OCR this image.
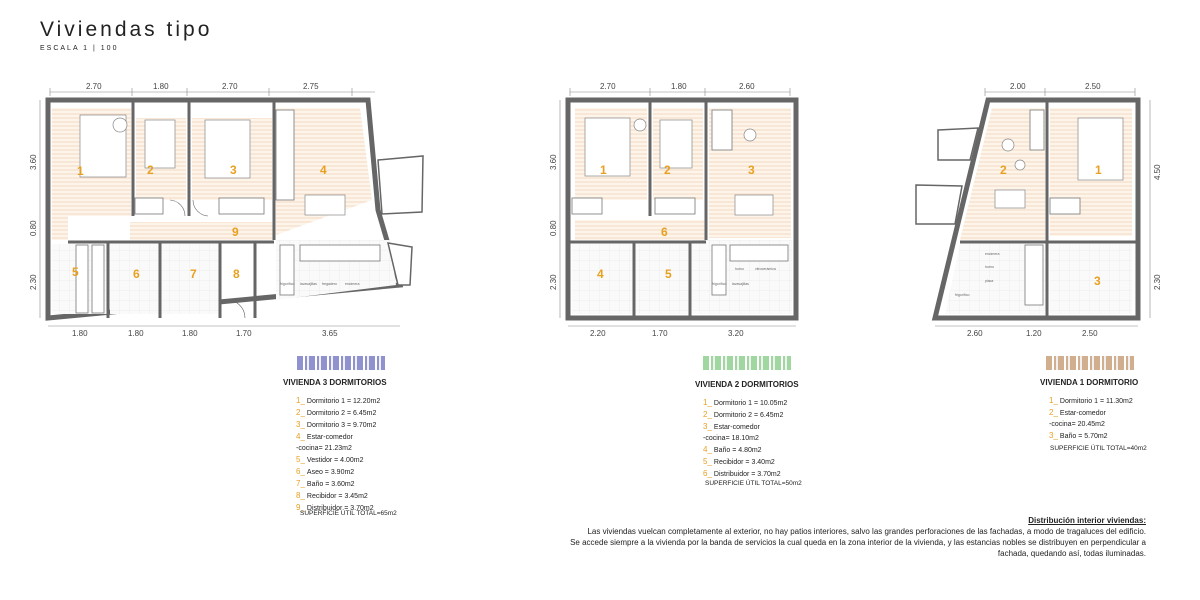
Viviendas tipo
ESCALA 1 | 100
2.70	1.80	2.70	2.75
3.60
0.80
2.30
1	2	3	4
5	6	7	8
9
1.80	1.80	1.80	1.70	3.65
frigorífico lavavajillas fregadero encimera
2.70	1.80	2.60
3.60
0.80
2.30
1	2	3
4	5
6
2.20	1.70	3.20
frigorífico lavavajillas
horno	vitrocerámica
2.00	2.50
4.50
2.30
1
2
3
2.60	1.20	2.50
encimera
horno
placa
frigorífico
VIVIENDA 3 DORMITORIOS
1_ Dormitorio 1 = 12.20m2
2_ Dormitorio 2 = 6.45m2
3_ Dormitorio 3 = 9.70m2
4_ Estar-comedor
-cocina= 21.23m2
5_ Vestidor = 4.00m2
6_ Aseo = 3.90m2
7_ Baño = 3.60m2
8_ Recibidor = 3.45m2
9_ Distribuidor = 3.70m2
SUPERFICIE ÚTIL TOTAL=65m2
VIVIENDA 2 DORMITORIOS
1_ Dormitorio 1 = 10.05m2
2_ Dormitorio 2 = 6.45m2
3_ Estar-comedor
-cocina= 18.10m2
4_ Baño = 4.80m2
5_ Recibidor = 3.40m2
6_ Distribuidor = 3.70m2
SUPERFICIE ÚTIL TOTAL=50m2
VIVIENDA 1 DORMITORIO
1_ Dormitorio 1 = 11.30m2
2_ Estar-comedor
-cocina= 20.45m2
3_ Baño = 5.70m2
SUPERFICIE ÚTIL TOTAL=40m2

Distribución interior viviendas:

Las viviendas vuelcan completamente al exterior, no hay patios interiores, salvo las grandes perforaciones de las fachadas, a modo de tragaluces del edificio.

Se accede siempre a la vivienda por la banda de servicios la cual queda en la zona interior de la vivienda, y las estancias nobles se distribuyen en perpendicular a fachada, quedando así, todas iluminadas.
